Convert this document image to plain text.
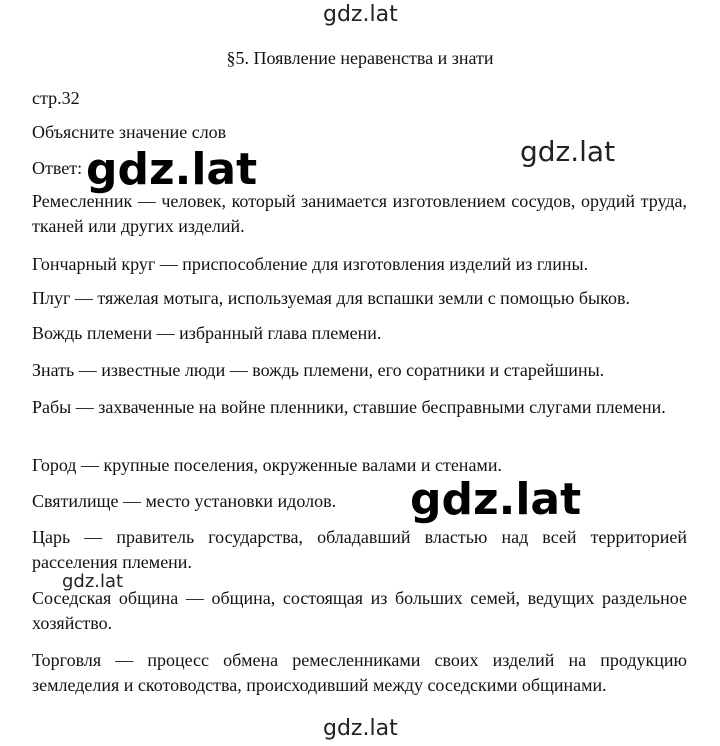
gdz.lat
§5. Появление неравенства и знати
стр.32
Объясните значение слов
Ответ:
Ремесленник — человек, который занимается изготовлением сосудов, орудий труда, тканей или других изделий.
Гончарный круг — приспособление для изготовления изделий из глины.
Плуг — тяжелая мотыга, используемая для вспашки земли с помощью быков.
Вождь племени — избранный глава племени.
Знать — известные люди — вождь племени, его соратники и старейшины.
Рабы — захваченные на войне пленники, ставшие бесправными слугами племени.
Город — крупные поселения, окруженные валами и стенами.
Святилище — место установки идолов.
Царь — правитель государства, обладавший властью над всей территорией расселения племени.
Соседская община — община, состоящая из больших семей, ведущих раздельное хозяйство.
Торговля — процесс обмена ремесленниками своих изделий на продукцию земледелия и скотоводства, происходивший между соседскими общинами.
gdz.lat	gdz.lat
gdz.lat
gdz.lat
gdz.lat
